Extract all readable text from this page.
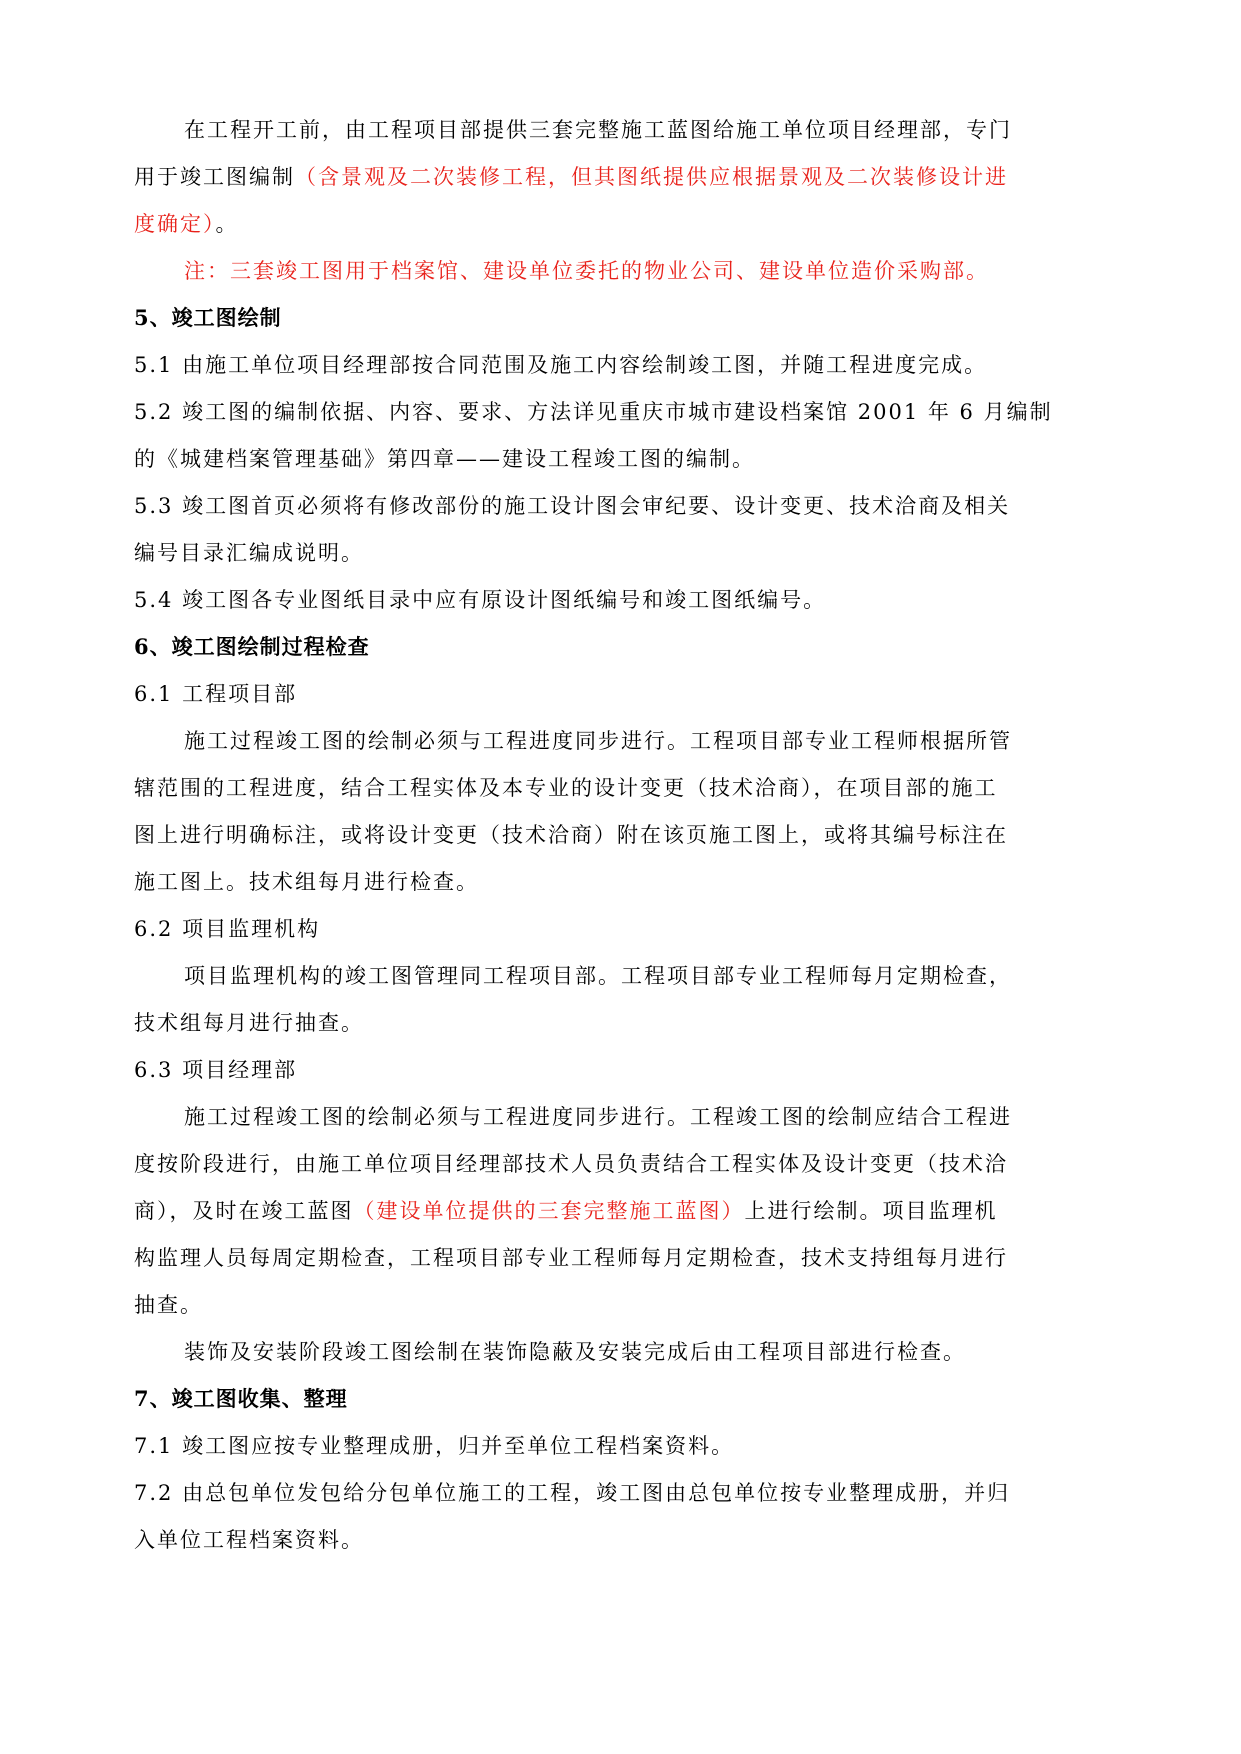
在工程开工前，由工程项目部提供三套完整施工蓝图给施工单位项目经理部，专门
用于竣工图编制（含景观及二次装修工程，但其图纸提供应根据景观及二次装修设计进
度确定）。
注：三套竣工图用于档案馆、建设单位委托的物业公司、建设单位造价采购部。
5、竣工图绘制
5.1 由施工单位项目经理部按合同范围及施工内容绘制竣工图，并随工程进度完成。
5.2 竣工图的编制依据、内容、要求、方法详见重庆市城市建设档案馆 2001 年 6 月编制
的《城建档案管理基础》第四章——建设工程竣工图的编制。
5.3 竣工图首页必须将有修改部份的施工设计图会审纪要、设计变更、技术洽商及相关
编号目录汇编成说明。
5.4 竣工图各专业图纸目录中应有原设计图纸编号和竣工图纸编号。
6、竣工图绘制过程检查
6.1 工程项目部
施工过程竣工图的绘制必须与工程进度同步进行。工程项目部专业工程师根据所管
辖范围的工程进度，结合工程实体及本专业的设计变更（技术洽商），在项目部的施工
图上进行明确标注，或将设计变更（技术洽商）附在该页施工图上，或将其编号标注在
施工图上。技术组每月进行检查。
6.2 项目监理机构
项目监理机构的竣工图管理同工程项目部。工程项目部专业工程师每月定期检查，
技术组每月进行抽查。
6.3 项目经理部
施工过程竣工图的绘制必须与工程进度同步进行。工程竣工图的绘制应结合工程进
度按阶段进行，由施工单位项目经理部技术人员负责结合工程实体及设计变更（技术洽
商），及时在竣工蓝图（建设单位提供的三套完整施工蓝图）上进行绘制。项目监理机
构监理人员每周定期检查，工程项目部专业工程师每月定期检查，技术支持组每月进行
抽查。
装饰及安装阶段竣工图绘制在装饰隐蔽及安装完成后由工程项目部进行检查。
7、竣工图收集、整理
7.1 竣工图应按专业整理成册，归并至单位工程档案资料。
7.2 由总包单位发包给分包单位施工的工程，竣工图由总包单位按专业整理成册，并归
入单位工程档案资料。
